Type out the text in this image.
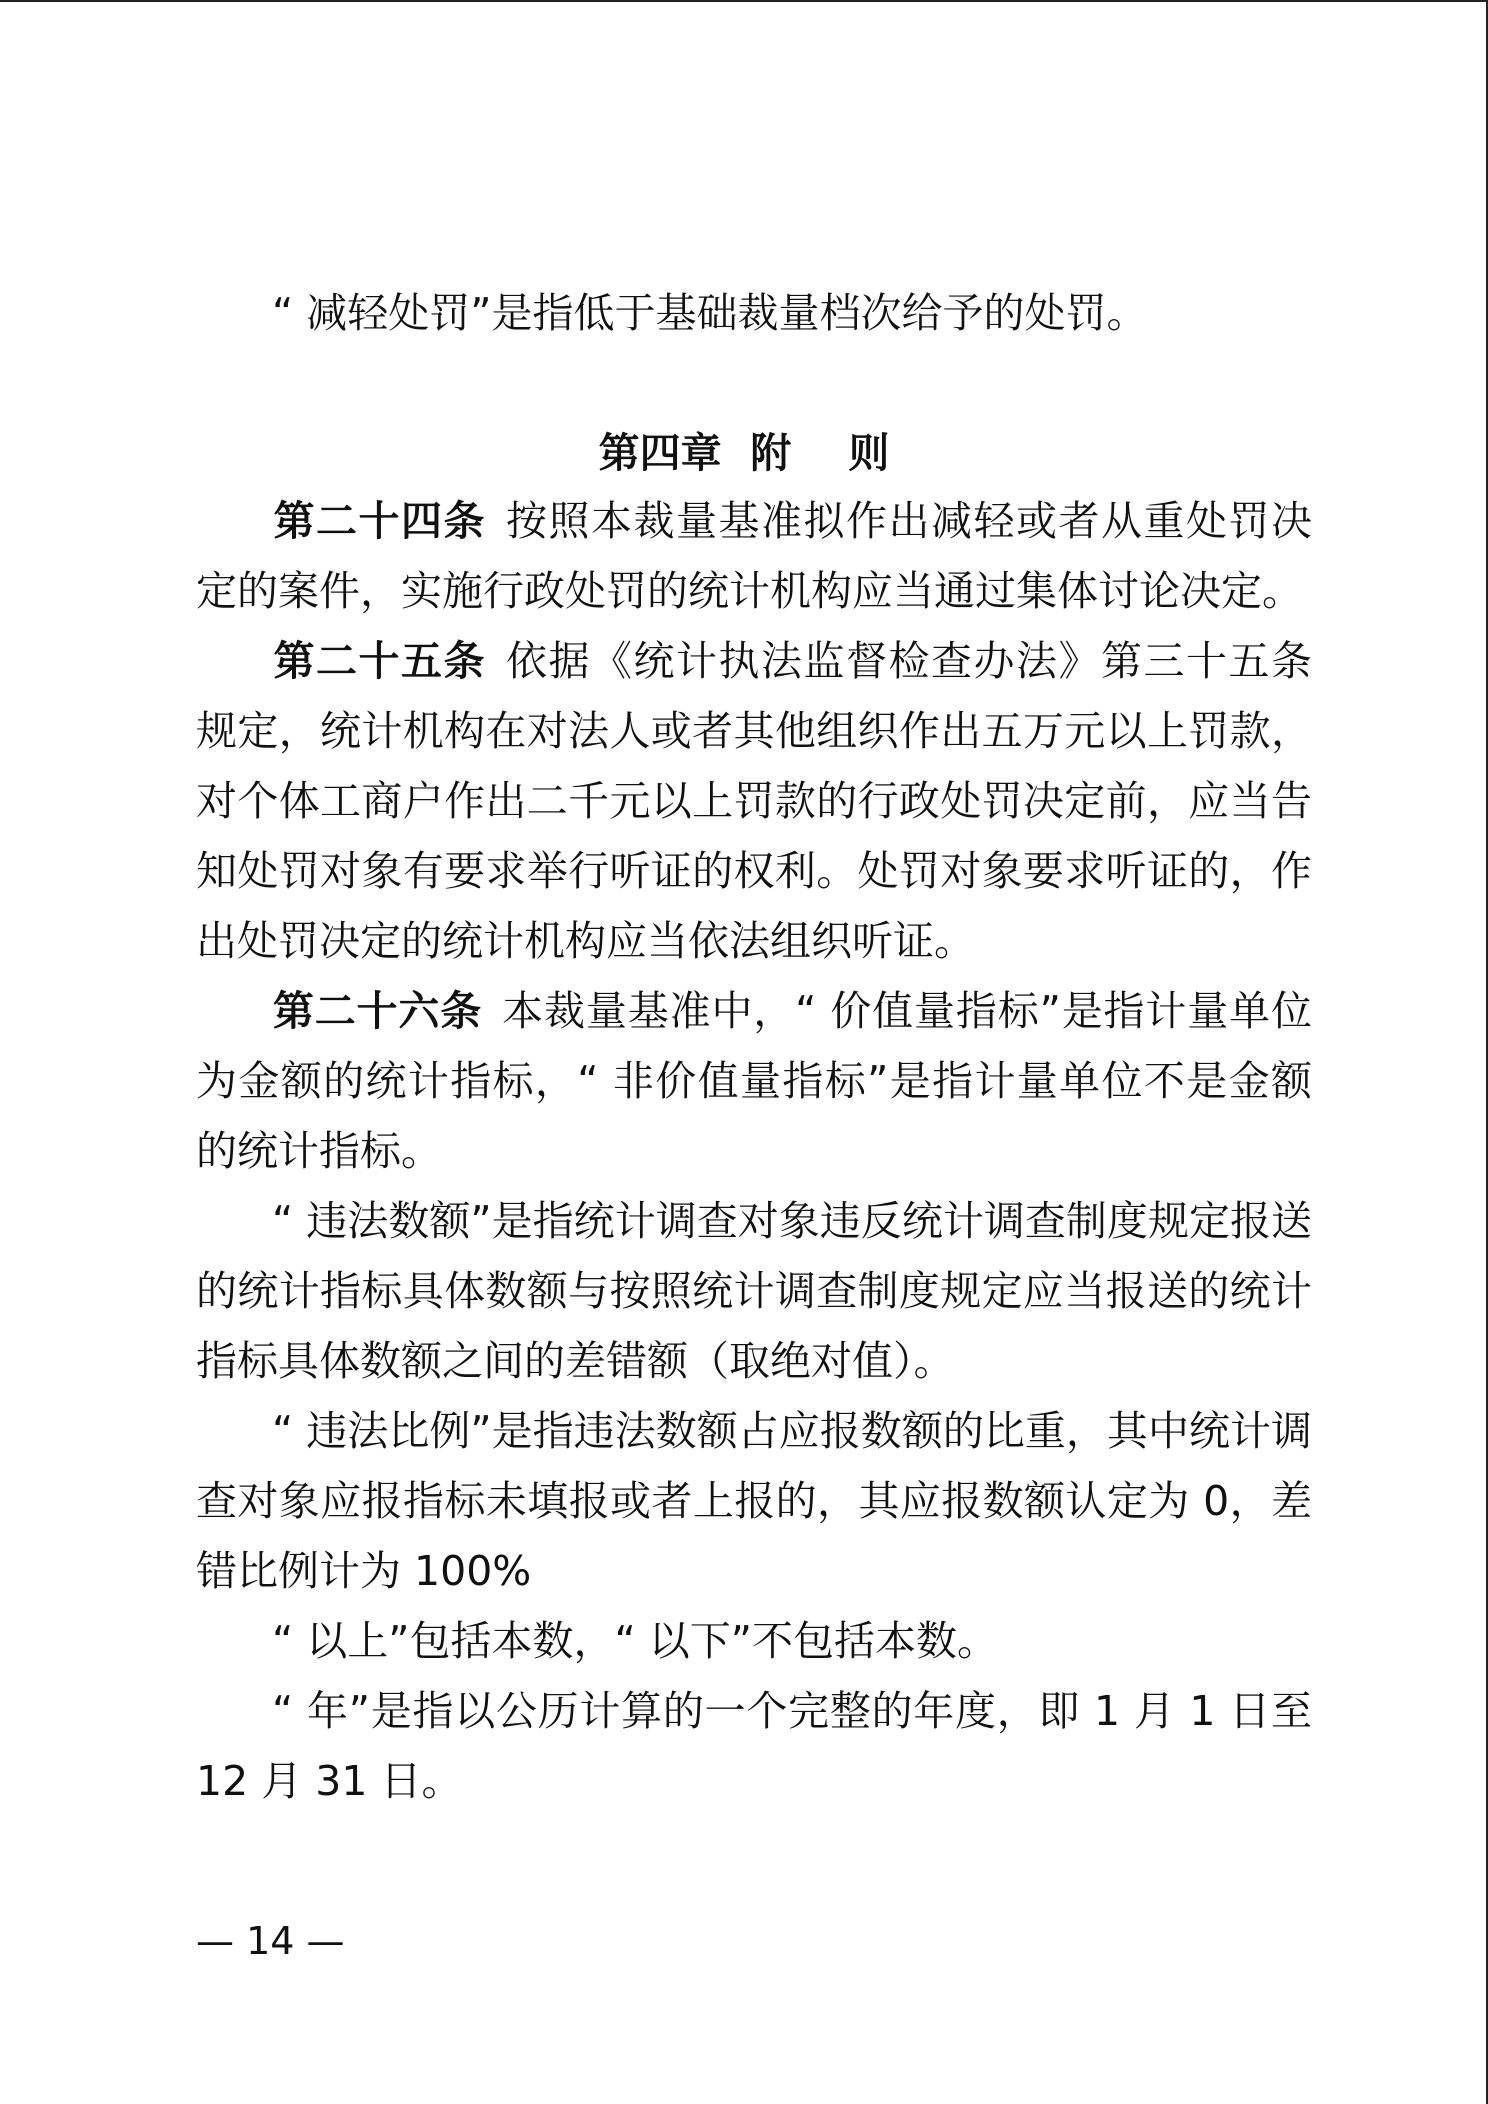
“ 减轻处罚”是指低于基础裁量档次给予的处罚。

第四章  附    则

第二十四条 按照本裁量基准拟作出减轻或者从重处罚决定的案件，实施行政处罚的统计机构应当通过集体讨论决定。

第二十五条 依据《统计执法监督检查办法》第三十五条规定，统计机构在对法人或者其他组织作出五万元以上罚款，对个体工商户作出二千元以上罚款的行政处罚决定前，应当告知处罚对象有要求举行听证的权利。处罚对象要求听证的，作出处罚决定的统计机构应当依法组织听证。

第二十六条 本裁量基准中，“ 价值量指标”是指计量单位为金额的统计指标，“ 非价值量指标”是指计量单位不是金额的统计指标。

“ 违法数额”是指统计调查对象违反统计调查制度规定报送的统计指标具体数额与按照统计调查制度规定应当报送的统计指标具体数额之间的差错额（取绝对值）。

“ 违法比例”是指违法数额占应报数额的比重，其中统计调查对象应报指标未填报或者上报的，其应报数额认定为 0，差错比例计为 100%

“ 以上”包括本数，“ 以下”不包括本数。

“ 年”是指以公历计算的一个完整的年度，即 1 月 1 日至 12 月 31 日。

— 14 —
